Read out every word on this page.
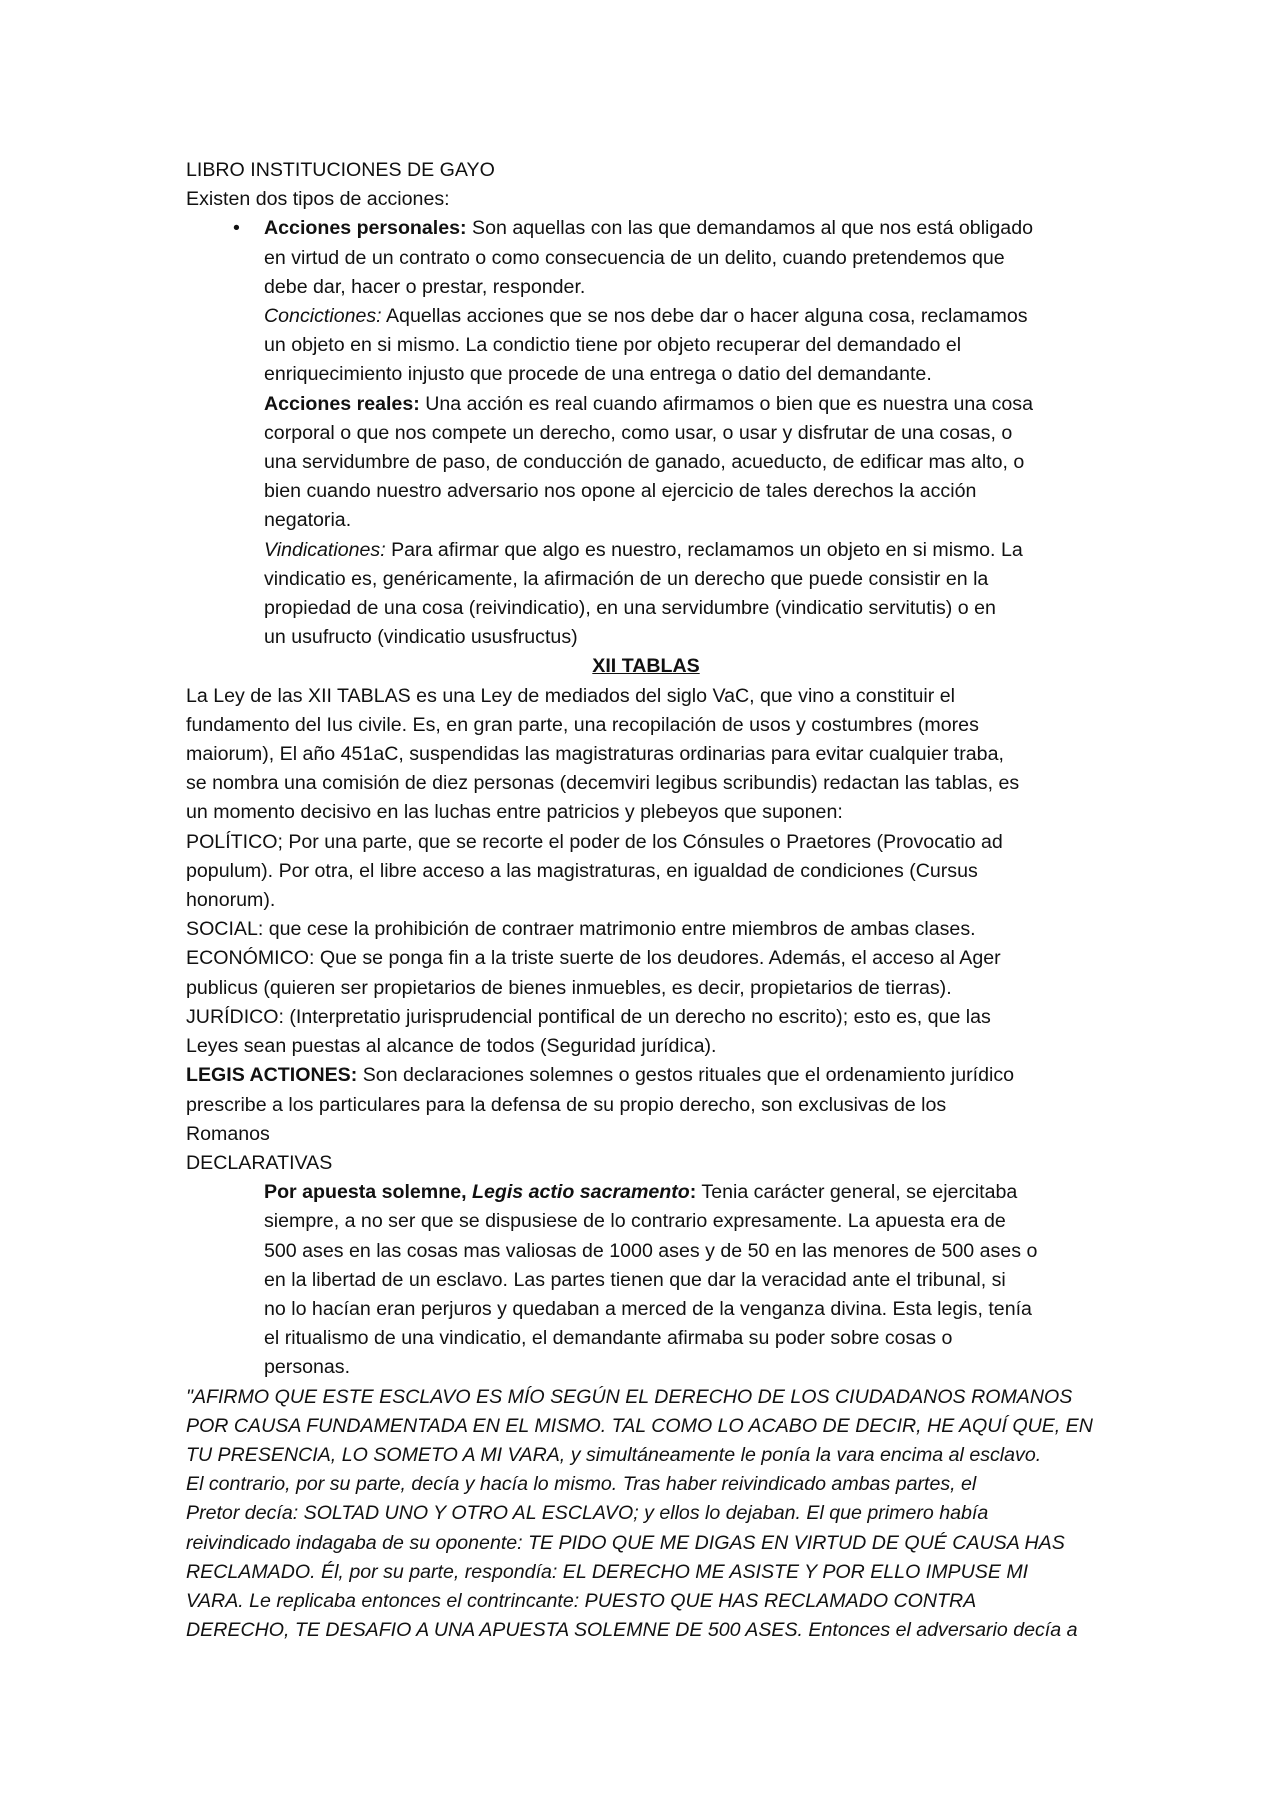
LIBRO INSTITUCIONES DE GAYO
Existen dos tipos de acciones:
• Acciones personales: Son aquellas con las que demandamos al que nos está obligado
en virtud de un contrato o como consecuencia de un delito, cuando pretendemos que
debe dar, hacer o prestar, responder.
Concictiones: Aquellas acciones que se nos debe dar o hacer alguna cosa, reclamamos
un objeto en si mismo. La condictio tiene por objeto recuperar del demandado el
enriquecimiento injusto que procede de una entrega o datio del demandante.
Acciones reales: Una acción es real cuando afirmamos o bien que es nuestra una cosa
corporal o que nos compete un derecho, como usar, o usar y disfrutar de una cosas, o
una servidumbre de paso, de conducción de ganado, acueducto, de edificar mas alto, o
bien cuando nuestro adversario nos opone al ejercicio de tales derechos la acción
negatoria.
Vindicationes: Para afirmar que algo es nuestro, reclamamos un objeto en si mismo. La
vindicatio es, genéricamente, la afirmación de un derecho que puede consistir en la
propiedad de una cosa (reivindicatio), en una servidumbre (vindicatio servitutis) o en
un usufructo (vindicatio ususfructus)
XII TABLAS
La Ley de las XII TABLAS es una Ley de mediados del siglo VaC, que vino a constituir el
fundamento del Ius civile. Es, en gran parte, una recopilación de usos y costumbres (mores
maiorum), El año 451aC, suspendidas las magistraturas ordinarias para evitar cualquier traba,
se nombra una comisión de diez personas (decemviri legibus scribundis) redactan las tablas, es
un momento decisivo en las luchas entre patricios y plebeyos que suponen:
POLÍTICO; Por una parte, que se recorte el poder de los Cónsules o Praetores (Provocatio ad
populum). Por otra, el libre acceso a las magistraturas, en igualdad de condiciones (Cursus
honorum).
SOCIAL: que cese la prohibición de contraer matrimonio entre miembros de ambas clases.
ECONÓMICO: Que se ponga fin a la triste suerte de los deudores. Además, el acceso al Ager
publicus (quieren ser propietarios de bienes inmuebles, es decir, propietarios de tierras).
JURÍDICO: (Interpretatio jurisprudencial pontifical de un derecho no escrito); esto es, que las
Leyes sean puestas al alcance de todos (Seguridad jurídica).
LEGIS ACTIONES: Son declaraciones solemnes o gestos rituales que el ordenamiento jurídico
prescribe a los particulares para la defensa de su propio derecho, son exclusivas de los
Romanos
DECLARATIVAS
Por apuesta solemne, Legis actio sacramento: Tenia carácter general, se ejercitaba
siempre, a no ser que se dispusiese de lo contrario expresamente. La apuesta era de
500 ases en las cosas mas valiosas de 1000 ases y de 50 en las menores de 500 ases o
en la libertad de un esclavo. Las partes tienen que dar la veracidad ante el tribunal, si
no lo hacían eran perjuros y quedaban a merced de la venganza divina. Esta legis, tenía
el ritualismo de una vindicatio, el demandante afirmaba su poder sobre cosas o
personas.
"AFIRMO QUE ESTE ESCLAVO ES MÍO SEGÚN EL DERECHO DE LOS CIUDADANOS ROMANOS
POR CAUSA FUNDAMENTADA EN EL MISMO. TAL COMO LO ACABO DE DECIR, HE AQUÍ QUE, EN
TU PRESENCIA, LO SOMETO A MI VARA, y simultáneamente le ponía la vara encima al esclavo.
El contrario, por su parte, decía y hacía lo mismo. Tras haber reivindicado ambas partes, el
Pretor decía: SOLTAD UNO Y OTRO AL ESCLAVO; y ellos lo dejaban. El que primero había
reivindicado indagaba de su oponente: TE PIDO QUE ME DIGAS EN VIRTUD DE QUÉ CAUSA HAS
RECLAMADO. Él, por su parte, respondía: EL DERECHO ME ASISTE Y POR ELLO IMPUSE MI
VARA. Le replicaba entonces el contrincante: PUESTO QUE HAS RECLAMADO CONTRA
DERECHO, TE DESAFIO A UNA APUESTA SOLEMNE DE 500 ASES. Entonces el adversario decía a
